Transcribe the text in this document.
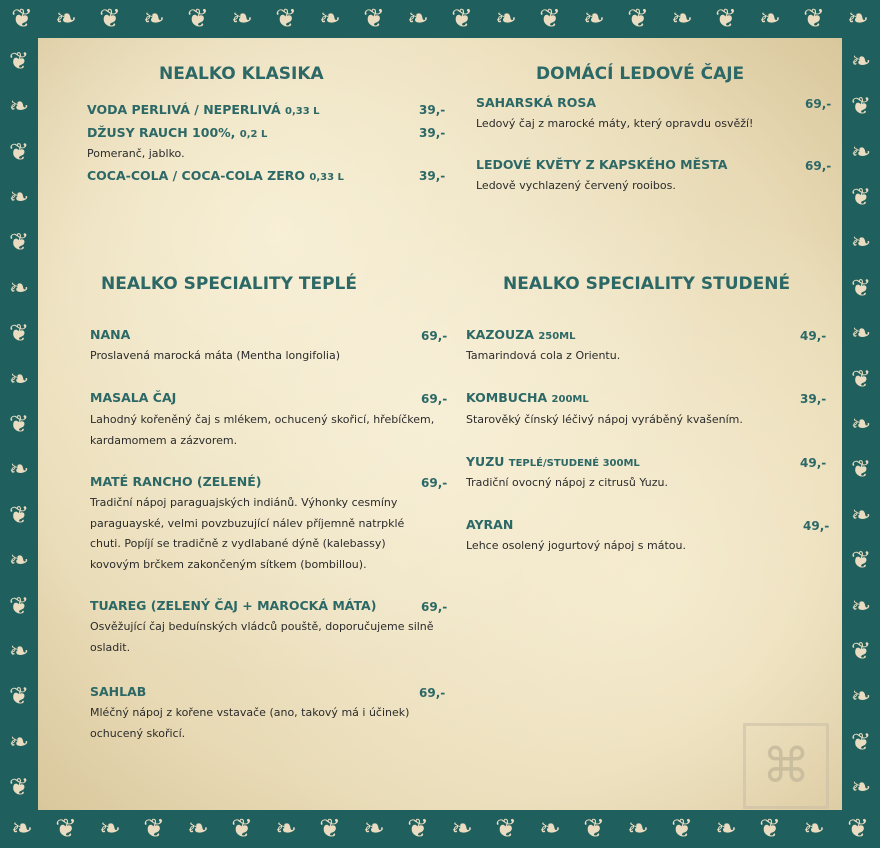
❦ ❧ ❦ ❧ ❦ ❧ ❦ ❧ ❦ ❧ ❦ ❧ ❦ ❧ ❦ ❧ ❦ ❧ ❦ ❧
❧ ❦ ❧ ❦ ❧ ❦ ❧ ❦ ❧ ❦ ❧ ❦ ❧ ❦ ❧ ❦ ❧ ❦ ❧ ❦
❦
❧
❦
❧
❦
❧
❦
❧
❦
❧
❦
❧
❦
❧
❦
❧
❦
❧
❦
❧
❦
❧
❦
❧
❦
❧
❦
❧
❦
❧
❦
❧
❦
❧
NEALKO KLASIKA
VODA PERLIVÁ / NEPERLIVÁ 0,33 L	39,-
DŽUSY RAUCH 100%, 0,2 L	39,-
Pomeranč, jablko.
COCA-COLA / COCA-COLA ZERO 0,33 L	39,-
DOMÁCÍ LEDOVÉ ČAJE
SAHARSKÁ ROSA	69,-
Ledový čaj z marocké máty, který opravdu osvěží!
LEDOVÉ KVĚTY Z KAPSKÉHO MĚSTA	69,-
Ledově vychlazený červený rooibos.
NEALKO SPECIALITY TEPLÉ
NANA	69,-
Proslavená marocká máta (Mentha longifolia)
MASALA ČAJ	69,-
Lahodný kořeněný čaj s mlékem, ochucený skořicí, hřebíčkem,
kardamomem a zázvorem.
MATÉ RANCHO (ZELENÉ)	69,-
Tradiční nápoj paraguajských indiánů. Výhonky cesmíny
paraguayské, velmi povzbuzující nálev příjemně natrpklé
chuti. Popíjí se tradičně z vydlabané dýně (kalebassy)
kovovým brčkem zakončeným sítkem (bombillou).
TUAREG (ZELENÝ ČAJ + MAROCKÁ MÁTA)	69,-
Osvěžující čaj beduínských vládců pouště, doporučujeme silně
osladit.
SAHLAB	69,-
Mléčný nápoj z kořene vstavače (ano, takový má i účinek)
ochucený skořicí.
NEALKO SPECIALITY STUDENÉ
KAZOUZA 250ML	49,-
Tamarindová cola z Orientu.
KOMBUCHA 200ML	39,-
Starověký čínský léčivý nápoj vyráběný kvašením.
YUZU TEPLÉ/STUDENÉ 300ML	49,-
Tradiční ovocný nápoj z citrusů Yuzu.
AYRAN	49,-
Lehce osolený jogurtový nápoj s mátou.
⌘
